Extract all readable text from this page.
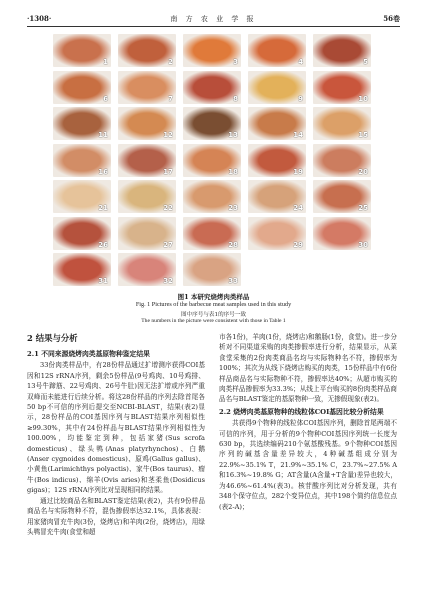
·1308·	南 方 农 业 学 报	56卷
1	2	3	4	5
6	7	8	9	10
11	12	13	14	15
16	17	18	19	20
21	22	23	24	25
26	27	28	29	30
31	32	33
图1 本研究烧烤肉类样品
Fig. 1 Pictures of the barbecue meat samples used in this study
图中序号与表1的序号一致
The numbers in the picture were consistent with those in Table 1
2 结果与分析
2.1 不同来源烧烤肉类基原物种鉴定结果

33份肉类样品中，有28份样品通过扩增测序获得COI基因和12S rRNA序列，剩余5份样品(9号鸡肉、10号鸡排、13号牛蹄筋、22号鸡肉、26号牛肚)因无法扩增或序列严重双峰而未能进行后续分析。将这28份样品的序列去除首尾各50 bp不可信的序列后提交至NCBI-BLAST，结果(表2)显示，28份样品的COI基因序列与BLAST结果序列相似性≥99.30%，其中有24份样品与BLAST结果序列相似性为100.00%，均能鉴定到种，包括家猪(Sus scrofa domesticus)、绿头鸭(Anas platyrhynchos)、白鹅(Anser cygnoides domesticus)、原鸡(Gallus gallus)、小黄鱼(Larimichthys polyactis)、家牛(Bos taurus)、瘤牛(Bos indicus)、绵羊(Ovis aries)和茎柔鱼(Dosidicus gigas)；12S rRNA序列比对呈现相同的结果。

通过比较商品名和BLAST鉴定结果(表2)，共有9份样品商品名与实际物种不符，混伪掺假率达32.1%，具体表现：用家猪肉冒充牛肉(3份，烧烤店)和羊肉(2份，烧烤店)，用绿头鸭冒充牛肉(食堂和超

市各1份)，羊肉(1份，烧烤店)和鹅肠(1份，食堂)。进一步分析对不同渠道采购的肉类掺假率进行分析，结果显示，从菜食堂采集的2份肉类商品名均与实际物种名不符，掺假率为100%；其次为从线下烧烤店购买的肉类，15份样品中有6份样品商品名与实际物种不符，掺假率达40%；从超市购买的肉类样品掺假率为33.3%；从线上平台购买的8份肉类样品商品名与BLAST鉴定的基原物种一致，无掺假现象(表2)。

2.2 烧烤肉类基原物种的线粒体COI基因比较分析结果

共获得9个物种的线粒体COI基因序列，删除首尾两端不可信的序列，用于分析的9个物种COI基因序列统一长度为630 bp，共选续编码210个氨基酸残基。9个物种COI基因序列的碱基含量差异较大，4种碱基组成分别为22.9%~35.1% T，21.9%~35.1% C，23.7%~27.5% A和16.3%~19.8% G；AT含量(A含量+T含量)差异也较大，为46.6%~61.4%(表3)。核苷酸序列比对分析发现，共有348个保守位点，282个变异位点，其中198个简约信息位点(表2-A)；
